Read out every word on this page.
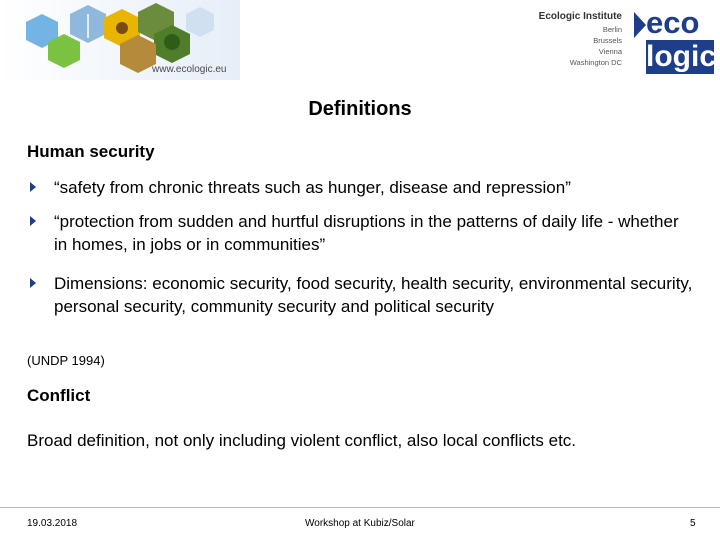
www.ecologic.eu
Ecologic Institute
Berlin
Brussels
Vienna
Washington DC
eco
logic
Definitions
Human security
“safety from chronic threats such as hunger, disease and repression”
“protection from sudden and hurtful disruptions in the patterns of daily life - whether in homes, in jobs or in communities”
Dimensions: economic security, food security, health security, environmental security, personal security, community security and political security
(UNDP 1994)
Conflict
Broad definition, not only including violent conflict, also local conflicts etc.
19.03.2018	Workshop at Kubiz/Solar	5
